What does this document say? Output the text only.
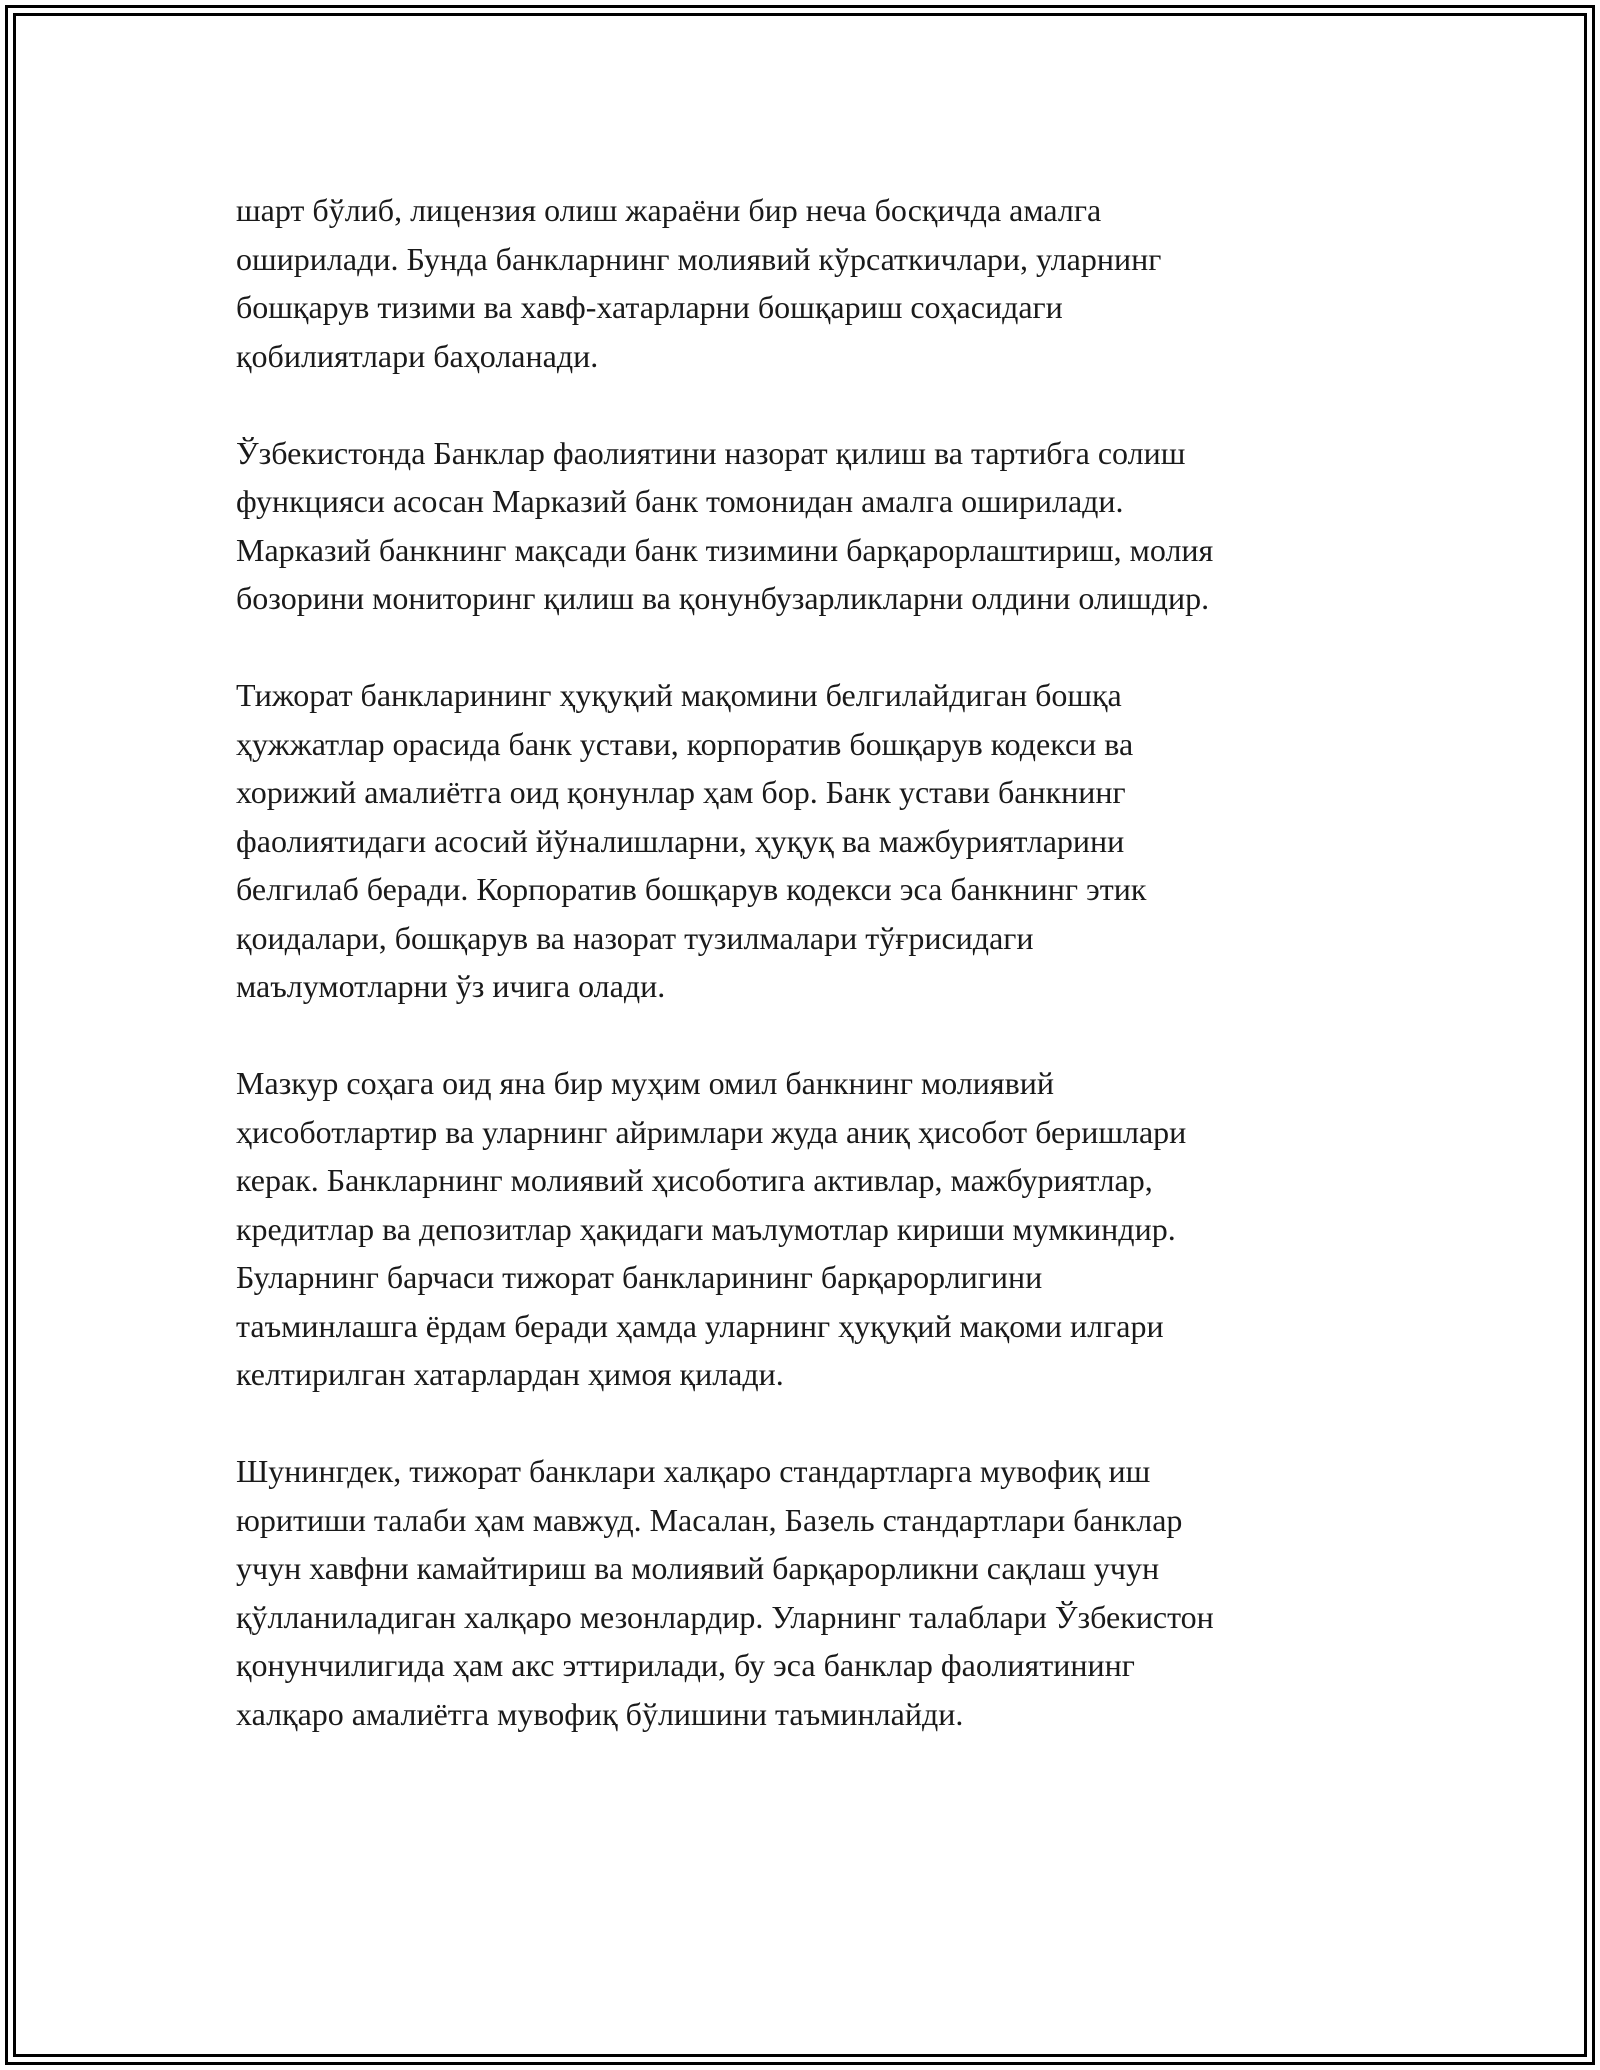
шарт бўлиб, лицензия олиш жараёни бир неча босқичда амалга
оширилади. Бунда банкларнинг молиявий кўрсаткичлари, уларнинг
бошқарув тизими ва хавф-хатарларни бошқариш соҳасидаги
қобилиятлари баҳоланади.

Ўзбекистонда Банклар фаолиятини назорат қилиш ва тартибга солиш
функцияси асосан Марказий банк томонидан амалга оширилади.
Марказий банкнинг мақсади банк тизимини барқарорлаштириш, молия
бозорини мониторинг қилиш ва қонунбузарликларни олдини олишдир.

Тижорат банкларининг ҳуқуқий мақомини белгилайдиган бошқа
ҳужжатлар орасида банк устави, корпоратив бошқарув кодекси ва
хорижий амалиётга оид қонунлар ҳам бор. Банк устави банкнинг
фаолиятидаги асосий йўналишларни, ҳуқуқ ва мажбуриятларини
белгилаб беради. Корпоратив бошқарув кодекси эса банкнинг этик
қоидалари, бошқарув ва назорат тузилмалари тўғрисидаги
маълумотларни ўз ичига олади.

Мазкур соҳага оид яна бир муҳим омил банкнинг молиявий
ҳисоботлартир ва уларнинг айримлари жуда аниқ ҳисобот беришлари
керак. Банкларнинг молиявий ҳисоботига активлар, мажбуриятлар,
кредитлар ва депозитлар ҳақидаги маълумотлар кириши мумкиндир.
Буларнинг барчаси тижорат банкларининг барқарорлигини
таъминлашга ёрдам беради ҳамда уларнинг ҳуқуқий мақоми илгари
келтирилган хатарлардан ҳимоя қилади.

Шунингдек, тижорат банклари халқаро стандартларга мувофиқ иш
юритиши талаби ҳам мавжуд. Масалан, Базель стандартлари банклар
учун хавфни камайтириш ва молиявий барқарорликни сақлаш учун
қўлланиладиган халқаро мезонлардир. Уларнинг талаблари Ўзбекистон
қонунчилигида ҳам акс эттирилади, бу эса банклар фаолиятининг
халқаро амалиётга мувофиқ бўлишини таъминлайди.
